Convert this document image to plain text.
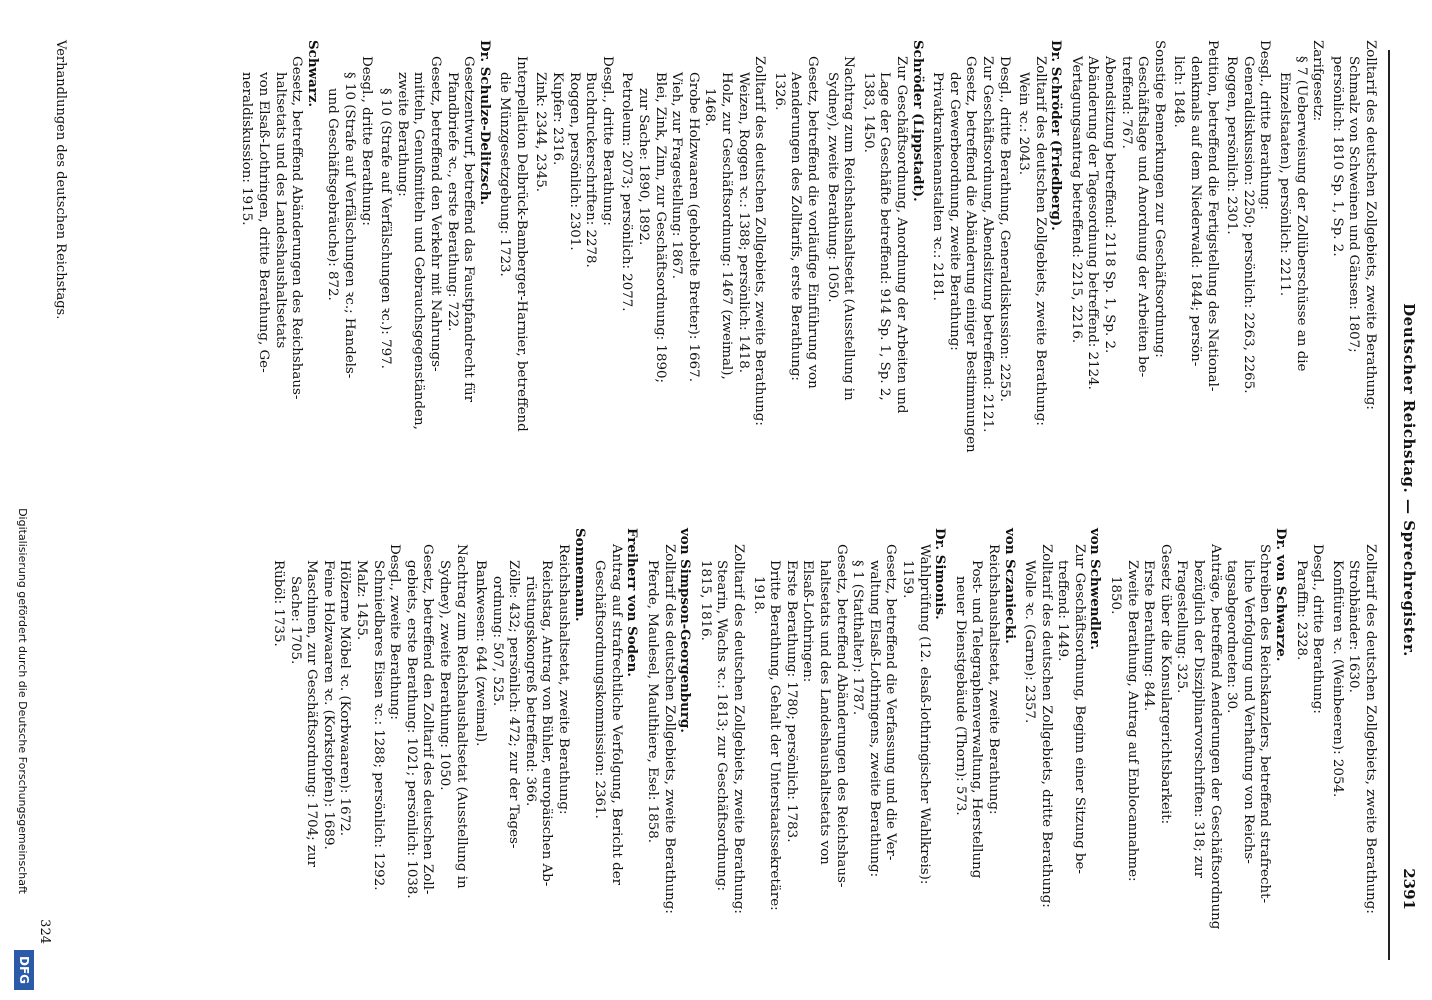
Deutscher Reichstag. — Sprechregister.
2391
Zolltarif des deutschen Zollgebiets, zweite Berathung:
Schmalz von Schweinen und Gänsen: 1807;
persönlich: 1810 Sp. 1, Sp. 2.
Zarifgesetz:
§ 7 (Ueberweisung der Zollüberschüsse an die
Einzelstaaten), persönlich: 2211.
Desgl., dritte Berathung:
Generaldiskussion: 2250; persönlich: 2263, 2265.
Roggen, persönlich: 2301.
Petition, betreffend die Fertigstellung des National-
denkmals auf dem Niederwald: 1844; persön-
lich: 1848.
Sonstige Bemerkungen zur Geschäftsordnung:
Geschäftslage und Anordnung der Arbeiten be-
treffend: 767.
Abendsitzung betreffend: 2118 Sp. 1, Sp. 2.
Abänderung der Tagesordnung betreffend: 2124.
Vertagungsantrag betreffend: 2215, 2216.
Dr. Schröder (Friedberg).
Zolltarif des deutschen Zollgebiets, zweite Berathung:
Wein ꝛc.: 2043.
Desgl., dritte Berathung, Generaldiskussion: 2255.
Zur Geschäftsordnung, Abendsitzung betreffend: 2121.
Gesetz, betreffend die Abänderung einiger Bestimmungen
der Gewerbeordnung, zweite Berathung:
Privatkrankenanstalten ꝛc.: 2181.
Schröder (Lippstadt).
Zur Geschäftsordnung, Anordnung der Arbeiten und
Lage der Geschäfte betreffend: 914 Sp. 1, Sp. 2,
1383, 1450.
Nachtrag zum Reichshaushaltsetat (Ausstellung in
Sydney), zweite Berathung: 1050.
Gesetz, betreffend die vorläufige Einführung von
Aenderungen des Zolltarifs, erste Berathung:
1326.
Zolltarif des deutschen Zollgebiets, zweite Berathung:
Weizen, Roggen ꝛc.: 1388; persönlich: 1418.
Holz, zur Geschäftsordnung: 1467 (zweimal),
1468.
Grobe Holzwaaren (gehobelte Bretter): 1667.
Vieh, zur Fragestellung: 1867.
Blei, Zink, Zinn, zur Geschäftsordnung: 1890;
zur Sache: 1890, 1892.
Petroleum: 2073; persönlich: 2077.
Desgl., dritte Berathung:
Buchdruckerschriften: 2278.
Roggen, persönlich: 2301.
Kupfer: 2316.
Zink: 2344, 2345.
Interpellation Delbrück-Bamberger-Harnier, betreffend
die Münzgesetzgebung: 1723.
Dr. Schulze-Delitzsch.
Gesetzentwurf, betreffend das Faustpfandrecht für
Pfandbriefe ꝛc., erste Berathung: 722.
Gesetz, betreffend den Verkehr mit Nahrungs-
mitteln, Genußmitteln und Gebrauchsgegenständen,
zweite Berathung:
§ 10 (Strafe auf Verfälschungen ꝛc.): 797.
Desgl., dritte Berathung:
§ 10 (Strafe auf Verfälschungen ꝛc.; Handels-
und Geschäftsgebräuche): 872.
Schwarz.
Gesetz, betreffend Abänderungen des Reichshaus-
haltsetats und des Landeshaushaltsetats
von Elsaß-Lothringen, dritte Berathung, Ge-
neraldiskussion: 1915.
Zolltarif des deutschen Zollgebiets, zweite Berathung:
Strohbänder: 1630.
Konfitüren ꝛc. (Weinbeeren): 2054.
Desgl., dritte Berathung:
Paraffin: 2328.
Dr. von Schwarze.
Schreiben des Reichskanzlers, betreffend strafrecht-
liche Verfolgung und Verhaftung von Reichs-
tagsabgeordneten: 30.
Anträge, betreffend Aenderungen der Geschäftsordnung
bezüglich der Disziplinarvorschriften: 318; zur
Fragestellung: 325.
Gesetz über die Konsulargerichtsbarkeit:
Erste Berathung: 844.
Zweite Berathung, Antrag auf Enblocannahme:
1850.
von Schwendler.
Zur Geschäftsordnung, Beginn einer Sitzung be-
treffend: 1449.
Zolltarif des deutschen Zollgebiets, dritte Berathung:
Wolle ꝛc. (Garne): 2357.
von Sczaniecki.
Reichshaushaltsetat, zweite Berathung:
Post- und Telegraphenverwaltung, Herstellung
neuer Dienstgebäude (Thorn): 573.
Dr. Simonis.
Wahlprüfung (12. elsaß-lothringischer Wahlkreis):
1159.
Gesetz, betreffend die Verfassung und die Ver-
waltung Elsaß-Lothringens, zweite Berathung:
§ 1 (Statthalter): 1787.
Gesetz, betreffend Abänderungen des Reichshaus-
haltsetats und des Landeshaushaltsetats von
Elsaß-Lothringen:
Erste Berathung: 1780; persönlich: 1783.
Dritte Berathung, Gehalt der Unterstaatssekretäre:
1918.
Zolltarif des deutschen Zollgebiets, zweite Berathung:
Stearin, Wachs ꝛc.: 1813; zur Geschäftsordnung:
1815, 1816.
von Simpson-Georgenburg.
Zolltarif des deutschen Zollgebiets, zweite Berathung:
Pferde, Maulesel, Maulthiere, Esel: 1858.
Freiherr von Soden.
Antrag auf strafrechtliche Verfolgung, Bericht der
Geschäftsordnungskommission: 2361.
Sonnemann.
Reichshaushaltsetat, zweite Berathung:
Reichstag, Antrag von Bühler, europäischen Ab-
rüstungskongreß betreffend: 366.
Zölle: 432; persönlich: 472; zur der Tages-
ordnung: 507, 525.
Bankwesen: 644 (zweimal).
Nachtrag zum Reichshaushaltsetat (Ausstellung in
Sydney), zweite Berathung: 1050.
Gesetz, betreffend den Zolltarif des deutschen Zoll-
gebiets, erste Berathung: 1021; persönlich: 1038.
Desgl., zweite Berathung:
Schmiedbares Eisen ꝛc.: 1288; persönlich: 1292.
Malz: 1455.
Hölzerne Möbel ꝛc. (Korbwaaren): 1672.
Feine Holzwaaren ꝛc. (Korkstopfen): 1689.
Maschinen, zur Geschäftsordnung: 1704; zur
Sache: 1705.
Rüböl: 1735.
Verhandlungen des deutschen Reichstags.
324
Digitalisierung gefördert durch die Deutsche Forschungsgemeinschaft
DFG
